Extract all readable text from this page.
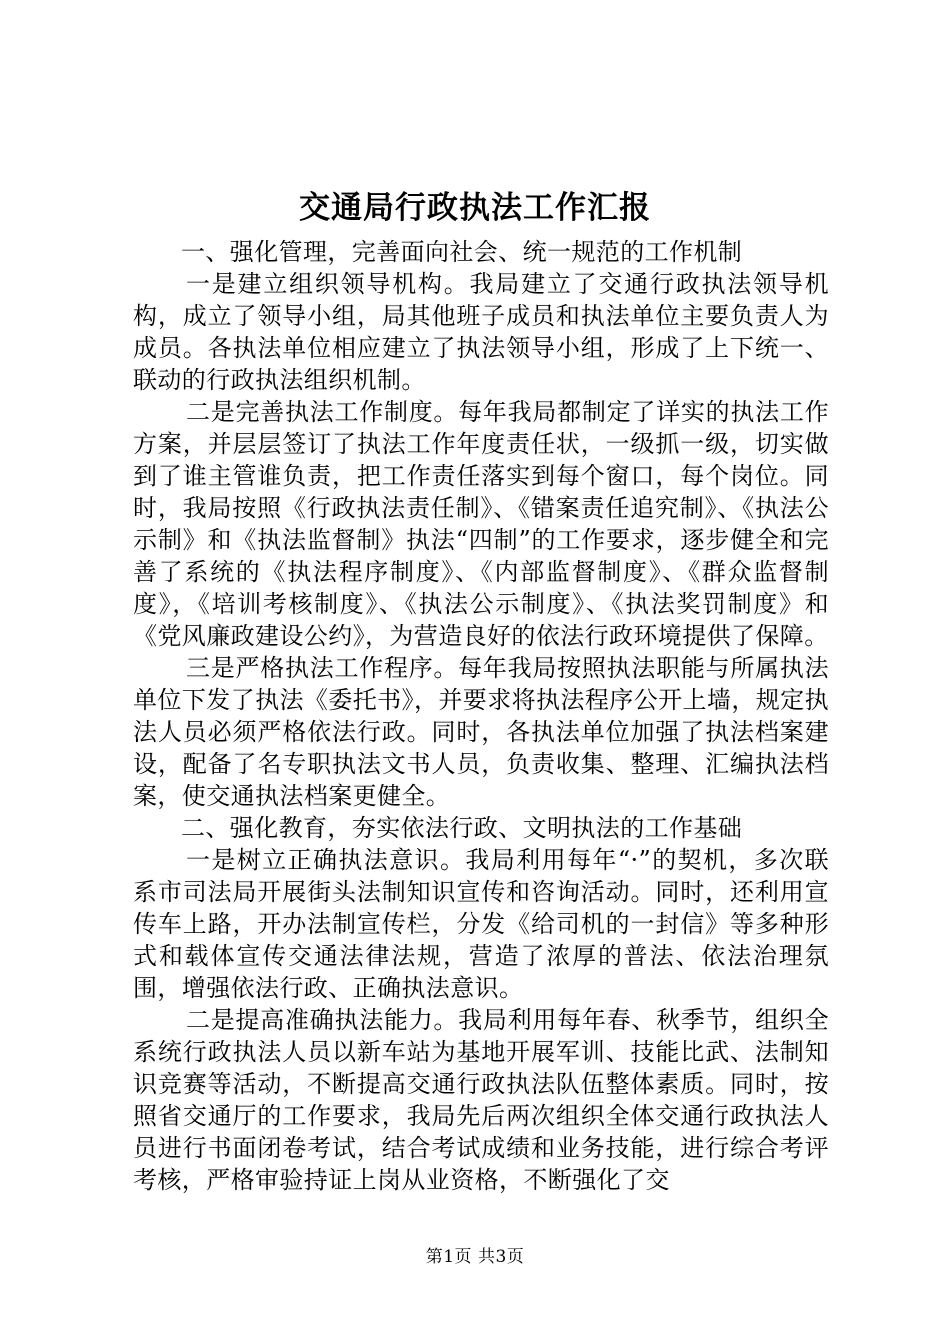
交通局行政执法工作汇报

一、强化管理，完善面向社会、统一规范的工作机制

一是建立组织领导机构。我局建立了交通行政执法领导机构，成立了领导小组，局其他班子成员和执法单位主要负责人为成员。各执法单位相应建立了执法领导小组，形成了上下统一、联动的行政执法组织机制。

二是完善执法工作制度。每年我局都制定了详实的执法工作方案，并层层签订了执法工作年度责任状，一级抓一级，切实做到了谁主管谁负责，把工作责任落实到每个窗口，每个岗位。同时，我局按照《行政执法责任制》、《错案责任追究制》、《执法公示制》和《执法监督制》执法“四制”的工作要求，逐步健全和完善了系统的《执法程序制度》、《内部监督制度》、《群众监督制度》，《培训考核制度》、《执法公示制度》、《执法奖罚制度》和《党风廉政建设公约》，为营造良好的依法行政环境提供了保障。

三是严格执法工作程序。每年我局按照执法职能与所属执法单位下发了执法《委托书》，并要求将执法程序公开上墙，规定执法人员必须严格依法行政。同时，各执法单位加强了执法档案建设，配备了名专职执法文书人员，负责收集、整理、汇编执法档案，使交通执法档案更健全。

二、强化教育，夯实依法行政、文明执法的工作基础

一是树立正确执法意识。我局利用每年“·”的契机，多次联系市司法局开展街头法制知识宣传和咨询活动。同时，还利用宣传车上路，开办法制宣传栏，分发《给司机的一封信》等多种形式和载体宣传交通法律法规，营造了浓厚的普法、依法治理氛围，增强依法行政、正确执法意识。

二是提高准确执法能力。我局利用每年春、秋季节，组织全系统行政执法人员以新车站为基地开展军训、技能比武、法制知识竞赛等活动，不断提高交通行政执法队伍整体素质。同时，按照省交通厅的工作要求，我局先后两次组织全体交通行政执法人员进行书面闭卷考试，结合考试成绩和业务技能，进行综合考评考核，严格审验持证上岗从业资格，不断强化了交

第1页 共3页
